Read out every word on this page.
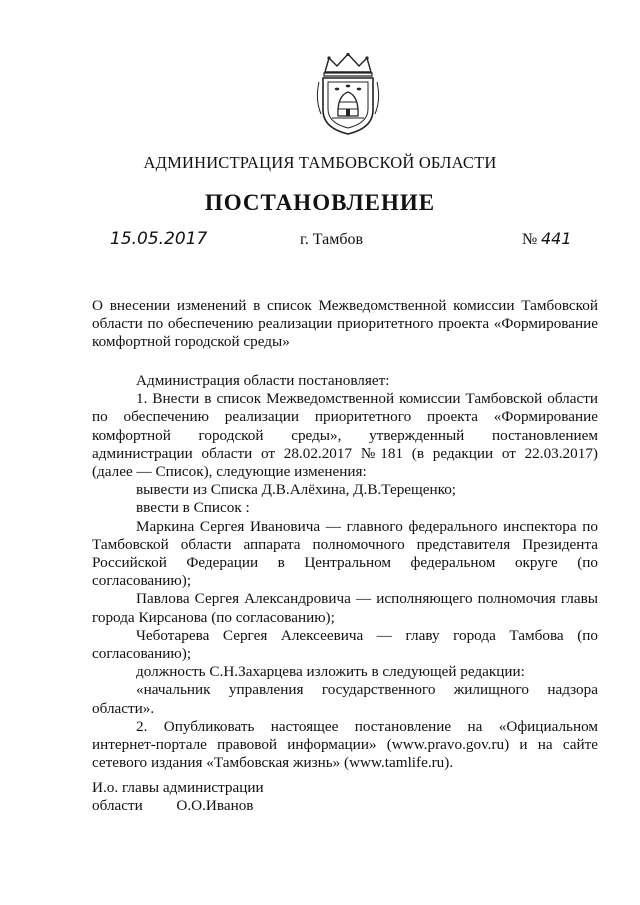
АДМИНИСТРАЦИЯ ТАМБОВСКОЙ ОБЛАСТИ
ПОСТАНОВЛЕНИЕ
15.05.2017	г. Тамбов	№ 441
О внесении изменений в список Межведомственной комиссии Тамбовской
области по обеспечению реализации приоритетного проекта «Формирование
комфортной городской среды»
Администрация области постановляет:
1. Внести в список Межведомственной комиссии Тамбовской области
по обеспечению реализации приоритетного проекта «Формирование
комфортной городской среды», утвержденный постановлением
администрации области от 28.02.2017 №181 (в редакции от 22.03.2017)
(далее — Список), следующие изменения:
вывести из Списка Д.В.Алёхина, Д.В.Терещенко;
ввести в Список :
Маркина Сергея Ивановича — главного федерального инспектора по
Тамбовской области аппарата полномочного представителя Президента
Российской Федерации в Центральном федеральном округе (по
согласованию);
Павлова Сергея Александровича — исполняющего полномочия главы
города Кирсанова (по согласованию);
Чеботарева Сергея Алексеевича — главу города Тамбова (по
согласованию);
должность С.Н.Захарцева изложить в следующей редакции:
«начальник управления государственного жилищного надзора
области».
2. Опубликовать настоящее постановление на «Официальном
интернет-портале правовой информации» (www.pravo.gov.ru) и на сайте
сетевого издания «Тамбовская жизнь» (www.tamlife.ru).
И.о. главы администрации
области О.О.Иванов
